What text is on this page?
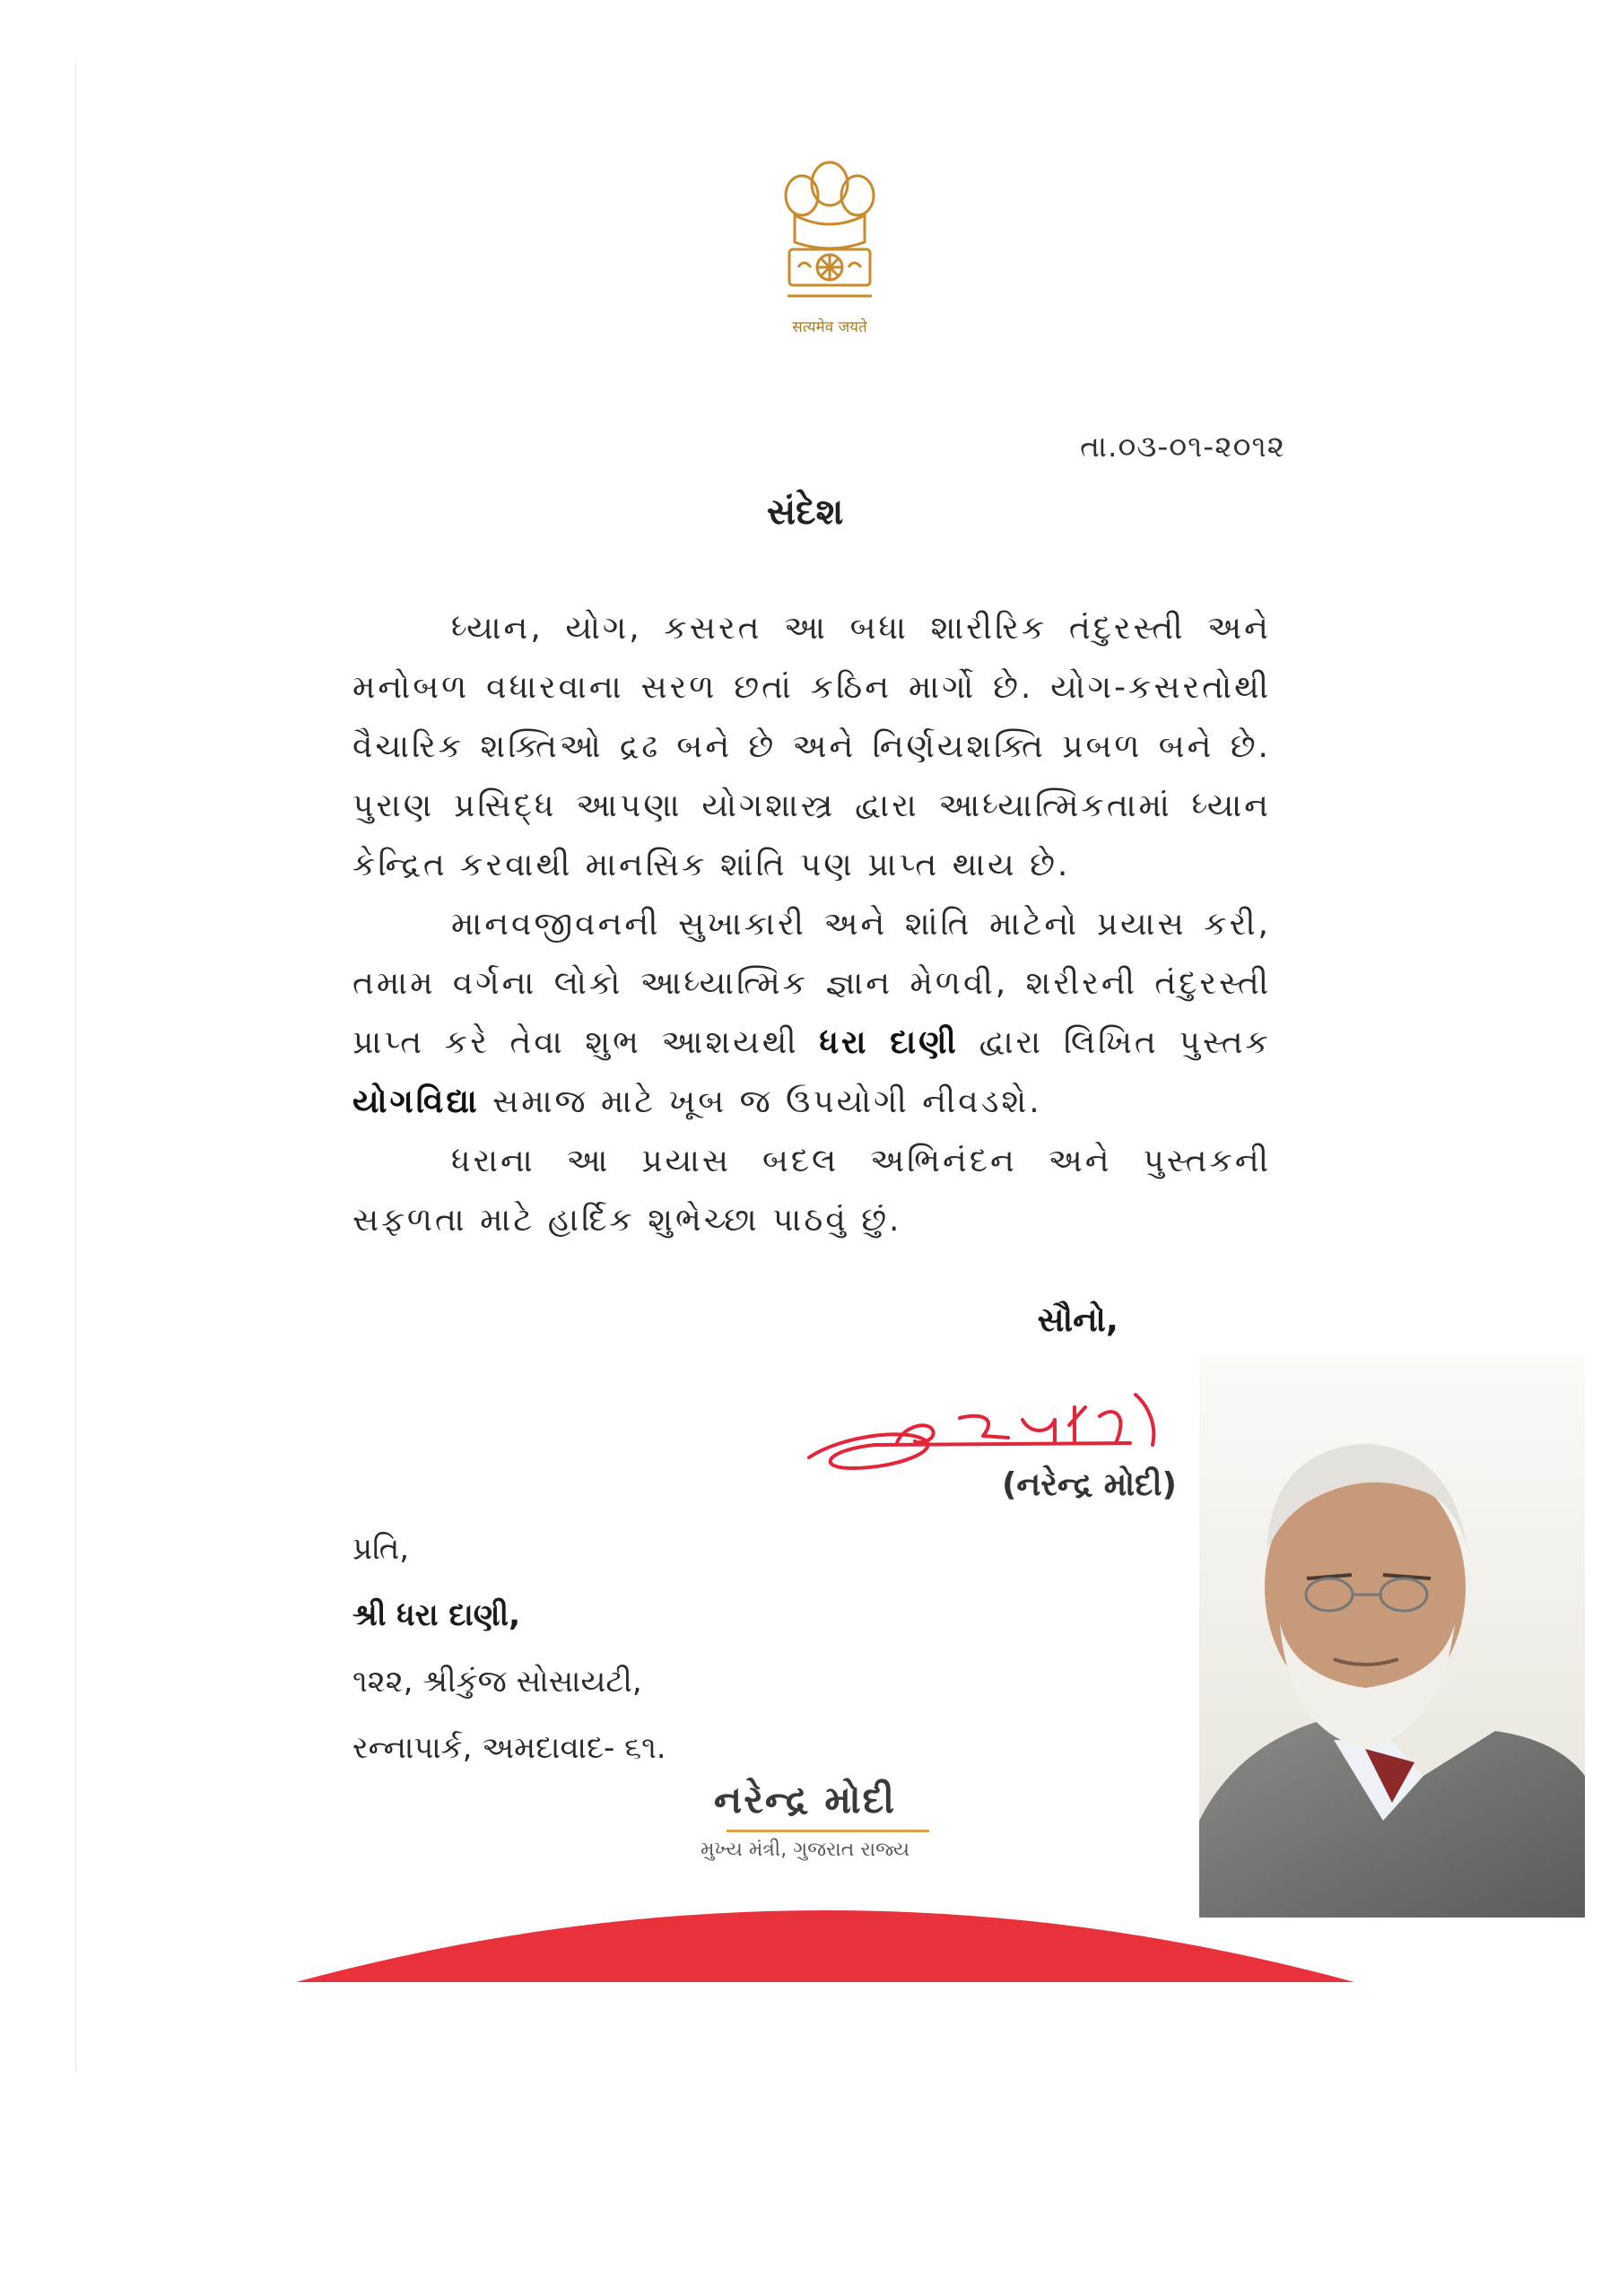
सत्यमेव जयते
તા.૦૩-૦૧-૨૦૧૨
સંદેશ

ધ્યાન, યોગ, કસરત આ બધા શારીરિક તંદુરસ્તી અને મનોબળ વધારવાના સરળ છતાં કઠિન માર્ગો છે. યોગ-કસરતોથી વૈચારિક શક્તિઓ દ્રઢ બને છે અને નિર્ણયશક્તિ પ્રબળ બને છે. પુરાણ પ્રસિદ્ધ આપણા યોગશાસ્ત્ર દ્વારા આધ્યાત્મિકતામાં ધ્યાન કેન્દ્રિત કરવાથી માનસિક શાંતિ પણ પ્રાપ્ત થાય છે.

માનવજીવનની સુખાકારી અને શાંતિ માટેનો પ્રયાસ કરી, તમામ વર્ગના લોકો આધ્યાત્મિક જ્ઞાન મેળવી, શરીરની તંદુરસ્તી પ્રાપ્ત કરે તેવા શુભ આશયથી ધરા દાણી દ્વારા લિખિત પુસ્તક યોગવિદ્યા સમાજ માટે ખૂબ જ ઉપયોગી નીવડશે.

ધરાના આ પ્રયાસ બદલ અભિનંદન અને પુસ્તકની સફળતા માટે હાર્દિક શુભેચ્છા પાઠવું છું.

સૌનો,
(નરેન્દ્ર મોદી)
પ્રતિ,
શ્રી ધરા દાણી,
૧૨૨, શ્રીકુંજ સોસાયટી,
રન્નાપાર્ક, અમદાવાદ- ૬૧.
નરેન્દ્ર મોદી
મુખ્ય મંત્રી, ગુજરાત રાજ્ય
